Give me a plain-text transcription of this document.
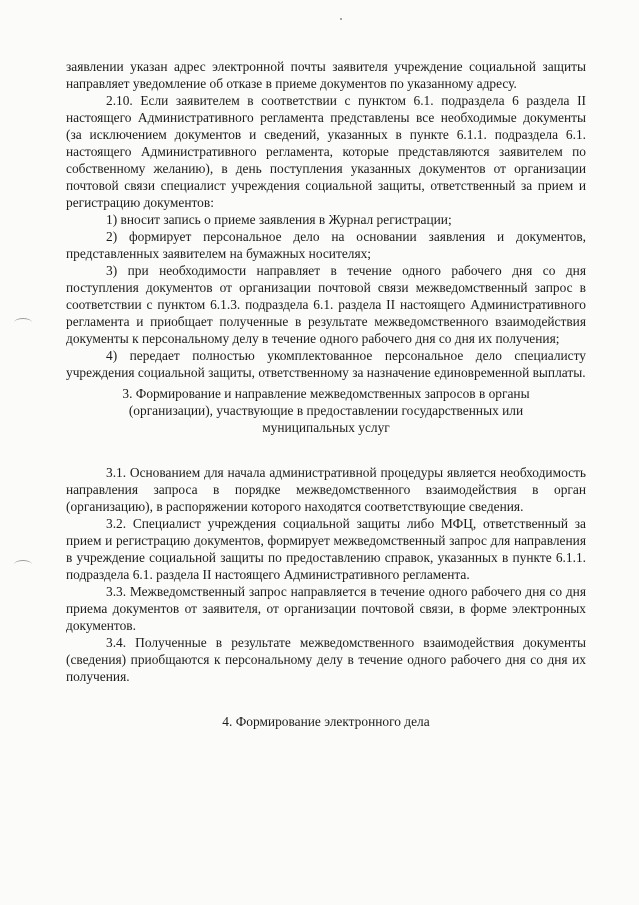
заявлении указан адрес электронной почты заявителя учреждение социальной защиты направляет уведомление об отказе в приеме документов по указанному адресу.

2.10. Если заявителем в соответствии с пунктом 6.1. подраздела 6 раздела II настоящего Административного регламента представлены все необходимые документы (за исключением документов и сведений, указанных в пункте 6.1.1. подраздела 6.1. настоящего Административного регламента, которые представляются заявителем по собственному желанию), в день поступления указанных документов от организации почтовой связи специалист учреждения социальной защиты, ответственный за прием и регистрацию документов:

1) вносит запись о приеме заявления в Журнал регистрации;

2) формирует персональное дело на основании заявления и документов, представленных заявителем на бумажных носителях;

3) при необходимости направляет в течение одного рабочего дня со дня поступления документов от организации почтовой связи межведомственный запрос в соответствии с пунктом 6.1.3. подраздела 6.1. раздела II настоящего Административного регламента и приобщает полученные в результате межведомственного взаимодействия документы к персональному делу в течение одного рабочего дня со дня их получения;

4) передает полностью укомплектованное персональное дело специалисту учреждения социальной защиты, ответственному за назначение единовременной выплаты.

3. Формирование и направление межведомственных запросов в органы (организации), участвующие в предоставлении государственных или муниципальных услуг

3.1. Основанием для начала административной процедуры является необходимость направления запроса в порядке межведомственного взаимодействия в орган (организацию), в распоряжении которого находятся соответствующие сведения.

3.2. Специалист учреждения социальной защиты либо МФЦ, ответственный за прием и регистрацию документов, формирует межведомственный запрос для направления в учреждение социальной защиты по предоставлению справок, указанных в пункте 6.1.1. подраздела 6.1. раздела II настоящего Административного регламента.

3.3. Межведомственный запрос направляется в течение одного рабочего дня со дня приема документов от заявителя, от организации почтовой связи, в форме электронных документов.

3.4. Полученные в результате межведомственного взаимодействия документы (сведения) приобщаются к персональному делу в течение одного рабочего дня со дня их получения.

4. Формирование электронного дела
